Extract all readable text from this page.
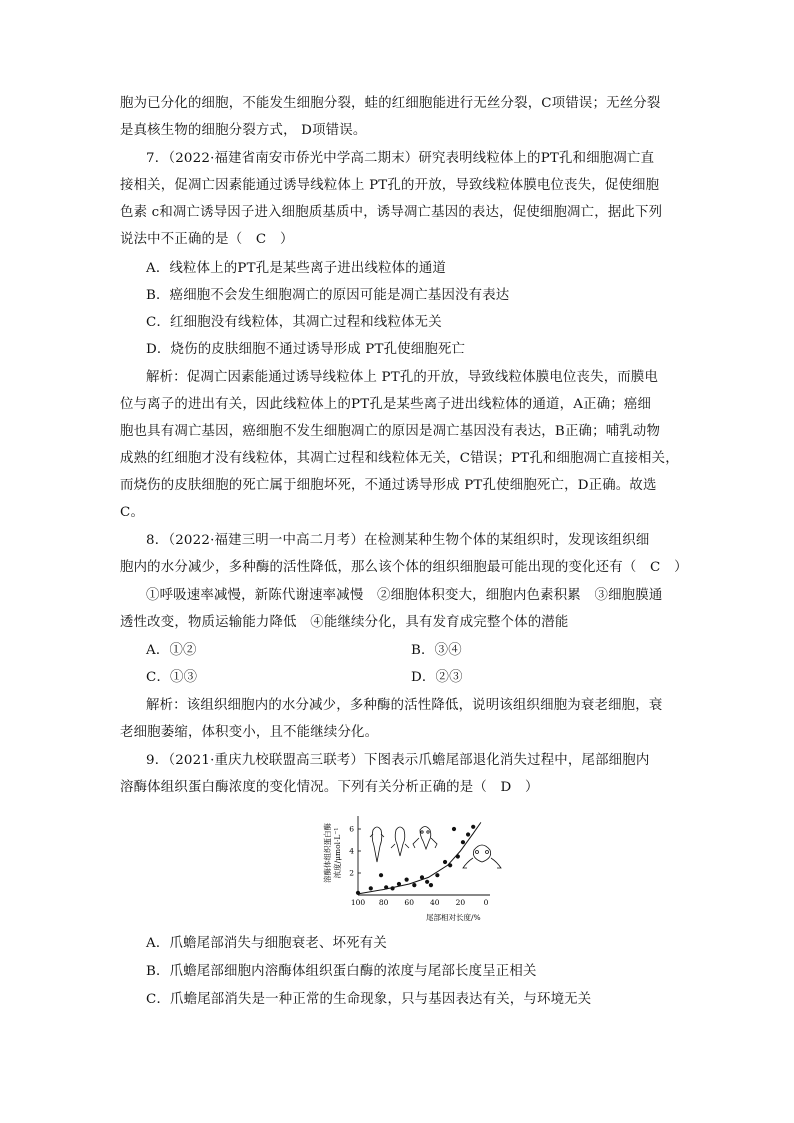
胞为已分化的细胞，不能发生细胞分裂，蛙的红细胞能进行无丝分裂，C项错误；无丝分裂
是真核生物的细胞分裂方式， D项错误。
7．（2022·福建省南安市侨光中学高二期末）研究表明线粒体上的PT孔和细胞凋亡直
接相关，促凋亡因素能通过诱导线粒体上 PT孔的开放，导致线粒体膜电位丧失，促使细胞
色素 c和凋亡诱导因子进入细胞质基质中，诱导凋亡基因的表达，促使细胞凋亡，据此下列
说法中不正确的是（　C　）
A．线粒体上的PT孔是某些离子进出线粒体的通道
B．癌细胞不会发生细胞凋亡的原因可能是凋亡基因没有表达
C．红细胞没有线粒体，其凋亡过程和线粒体无关
D．烧伤的皮肤细胞不通过诱导形成 PT孔使细胞死亡
解析：促凋亡因素能通过诱导线粒体上 PT孔的开放，导致线粒体膜电位丧失，而膜电
位与离子的进出有关，因此线粒体上的PT孔是某些离子进出线粒体的通道，A正确；癌细
胞也具有凋亡基因，癌细胞不发生细胞凋亡的原因是凋亡基因没有表达，B正确；哺乳动物
成熟的红细胞才没有线粒体，其凋亡过程和线粒体无关，C错误；PT孔和细胞凋亡直接相关，
而烧伤的皮肤细胞的死亡属于细胞坏死，不通过诱导形成 PT孔使细胞死亡，D正确。故选
C。
8．（2022·福建三明一中高二月考）在检测某种生物个体的某组织时，发现该组织细
胞内的水分减少，多种酶的活性降低，那么该个体的组织细胞最可能出现的变化还有（　C　）
①呼吸速率减慢，新陈代谢速率减慢　②细胞体积变大，细胞内色素积累　③细胞膜通
透性改变，物质运输能力降低　④能继续分化，具有发育成完整个体的潜能
A．①②	B．③④
C．①③	D．②③
解析：该组织细胞内的水分减少，多种酶的活性降低，说明该组织细胞为衰老细胞，衰
老细胞萎缩，体积变小，且不能继续分化。
9．（2021·重庆九校联盟高三联考）下图表示爪蟾尾部退化消失过程中，尾部细胞内
溶酶体组织蛋白酶浓度的变化情况。下列有关分析正确的是（　D　）
溶酶体组织蛋白酶 浓度/μmol·L⁻¹ 2
4
6
100 80 60 40 20 0
尾部相对长度/%
A．爪蟾尾部消失与细胞衰老、坏死有关
B．爪蟾尾部细胞内溶酶体组织蛋白酶的浓度与尾部长度呈正相关
C．爪蟾尾部消失是一种正常的生命现象，只与基因表达有关，与环境无关
